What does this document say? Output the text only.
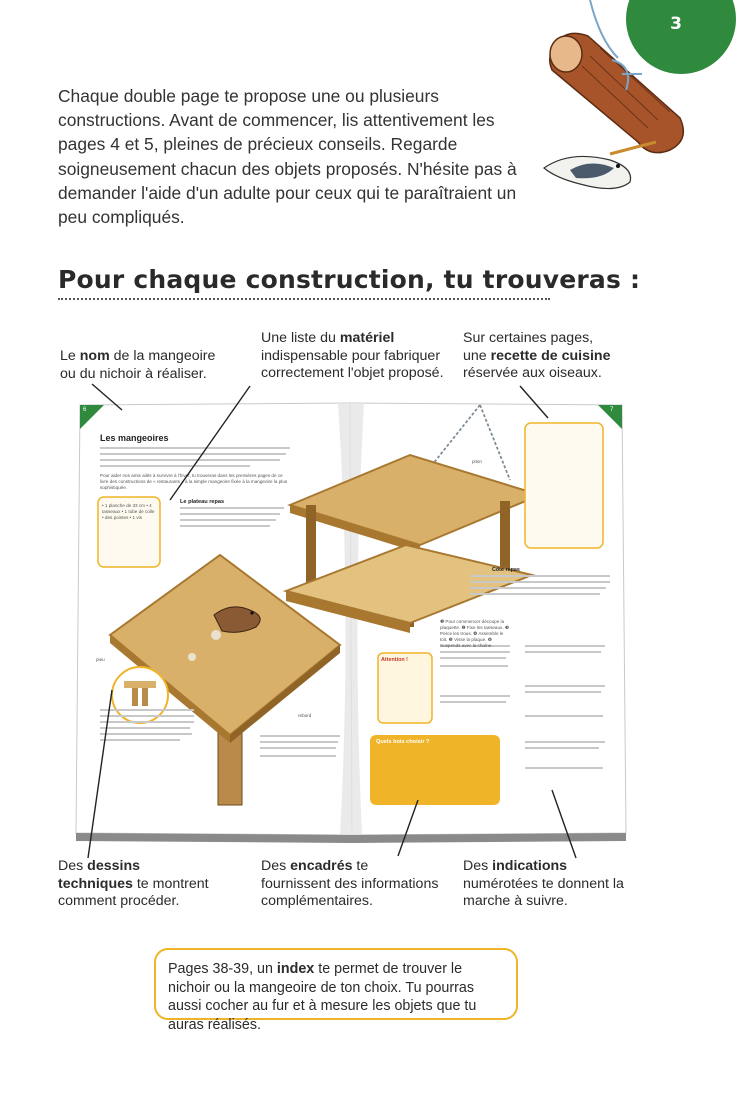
3
Chaque double page te propose une ou plusieurs constructions. Avant de commencer, lis attentivement les pages 4 et 5, pleines de précieux conseils. Regarde soigneusement chacun des objets proposés. N'hésite pas à demander l'aide d'un adulte pour ceux qui te paraîtraient un peu compliqués.
Pour chaque construction, tu trouveras :
Le nom de la mangeoire ou du nichoir à réaliser.
Une liste du matériel indispensable pour fabriquer correctement l'objet proposé.
Sur certaines pages, une recette de cuisine réservée aux oiseaux.
6	7
Les mangeoires
Pour aider nos amis ailés à survivre à l'hiver, tu trouveras dans les premières pages de ce livre des constructions de « restaurants » à la simple mangeoire fixée à la mangeoire la plus sophistiquée.
• 1 planche de 33 cm • 4 tasseaux • 1 tube de colle • des pointes • 1 vis
Le plateau repas
Attention !
Quels bois choisir ?
Côté repas
❶ Pour commencer découpe la plaquette. ❷ Fixe les tasseaux. ❸ Perce les trous. ❹ Assemble le toit. ❺ Visse la plaque. ❻ Suspends avec la chaîne.
piton
rebord
pieu
Des dessins techniques te montrent comment procéder.
Des encadrés te fournissent des informations complémentaires.
Des indications numérotées te donnent la marche à suivre.
Pages 38-39, un index te permet de trouver le nichoir ou la mangeoire de ton choix. Tu pourras aussi cocher au fur et à mesure les objets que tu auras réalisés.
